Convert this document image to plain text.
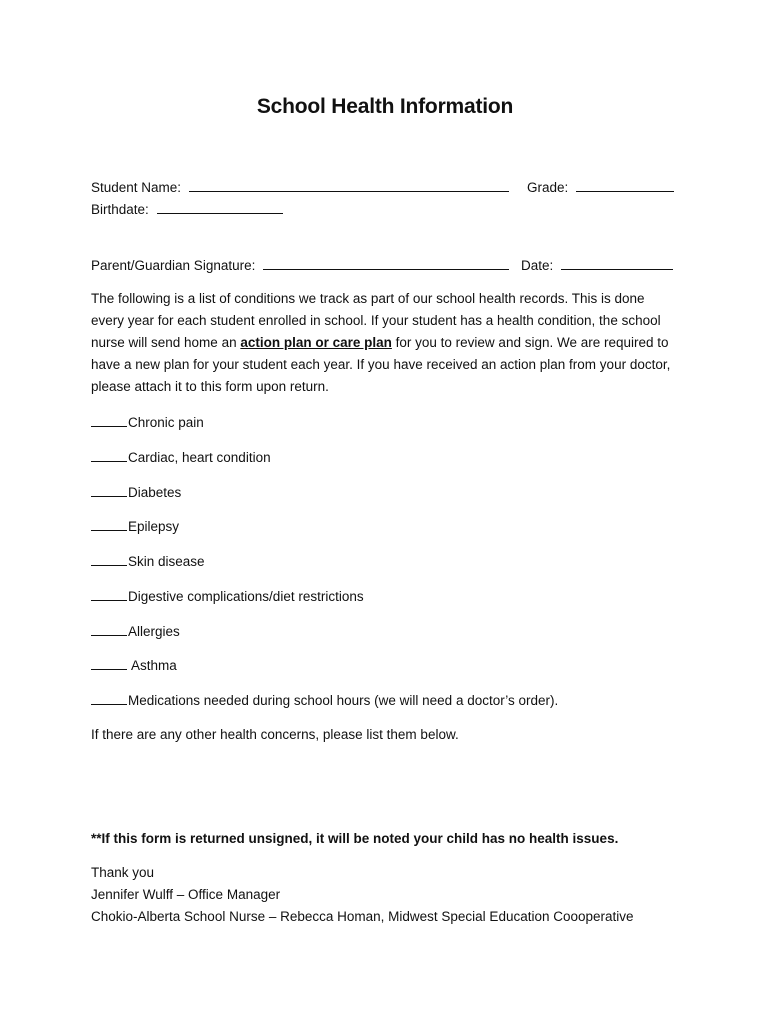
School Health Information
Student Name:	Grade:
Birthdate:
Parent/Guardian Signature:	Date:
The following is a list of conditions we track as part of our school health records. This is done every year for each student enrolled in school. If your student has a health condition, the school nurse will send home an action plan or care plan for you to review and sign. We are required to have a new plan for your student each year. If you have received an action plan from your doctor, please attach it to this form upon return.
Chronic pain
Cardiac, heart condition
Diabetes
Epilepsy
Skin disease
Digestive complications/diet restrictions
Allergies
Asthma
Medications needed during school hours (we will need a doctor’s order).
If there are any other health concerns, please list them below.
**If this form is returned unsigned, it will be noted your child has no health issues.
Thank you
Jennifer Wulff – Office Manager
Chokio-Alberta School Nurse – Rebecca Homan, Midwest Special Education Coooperative
